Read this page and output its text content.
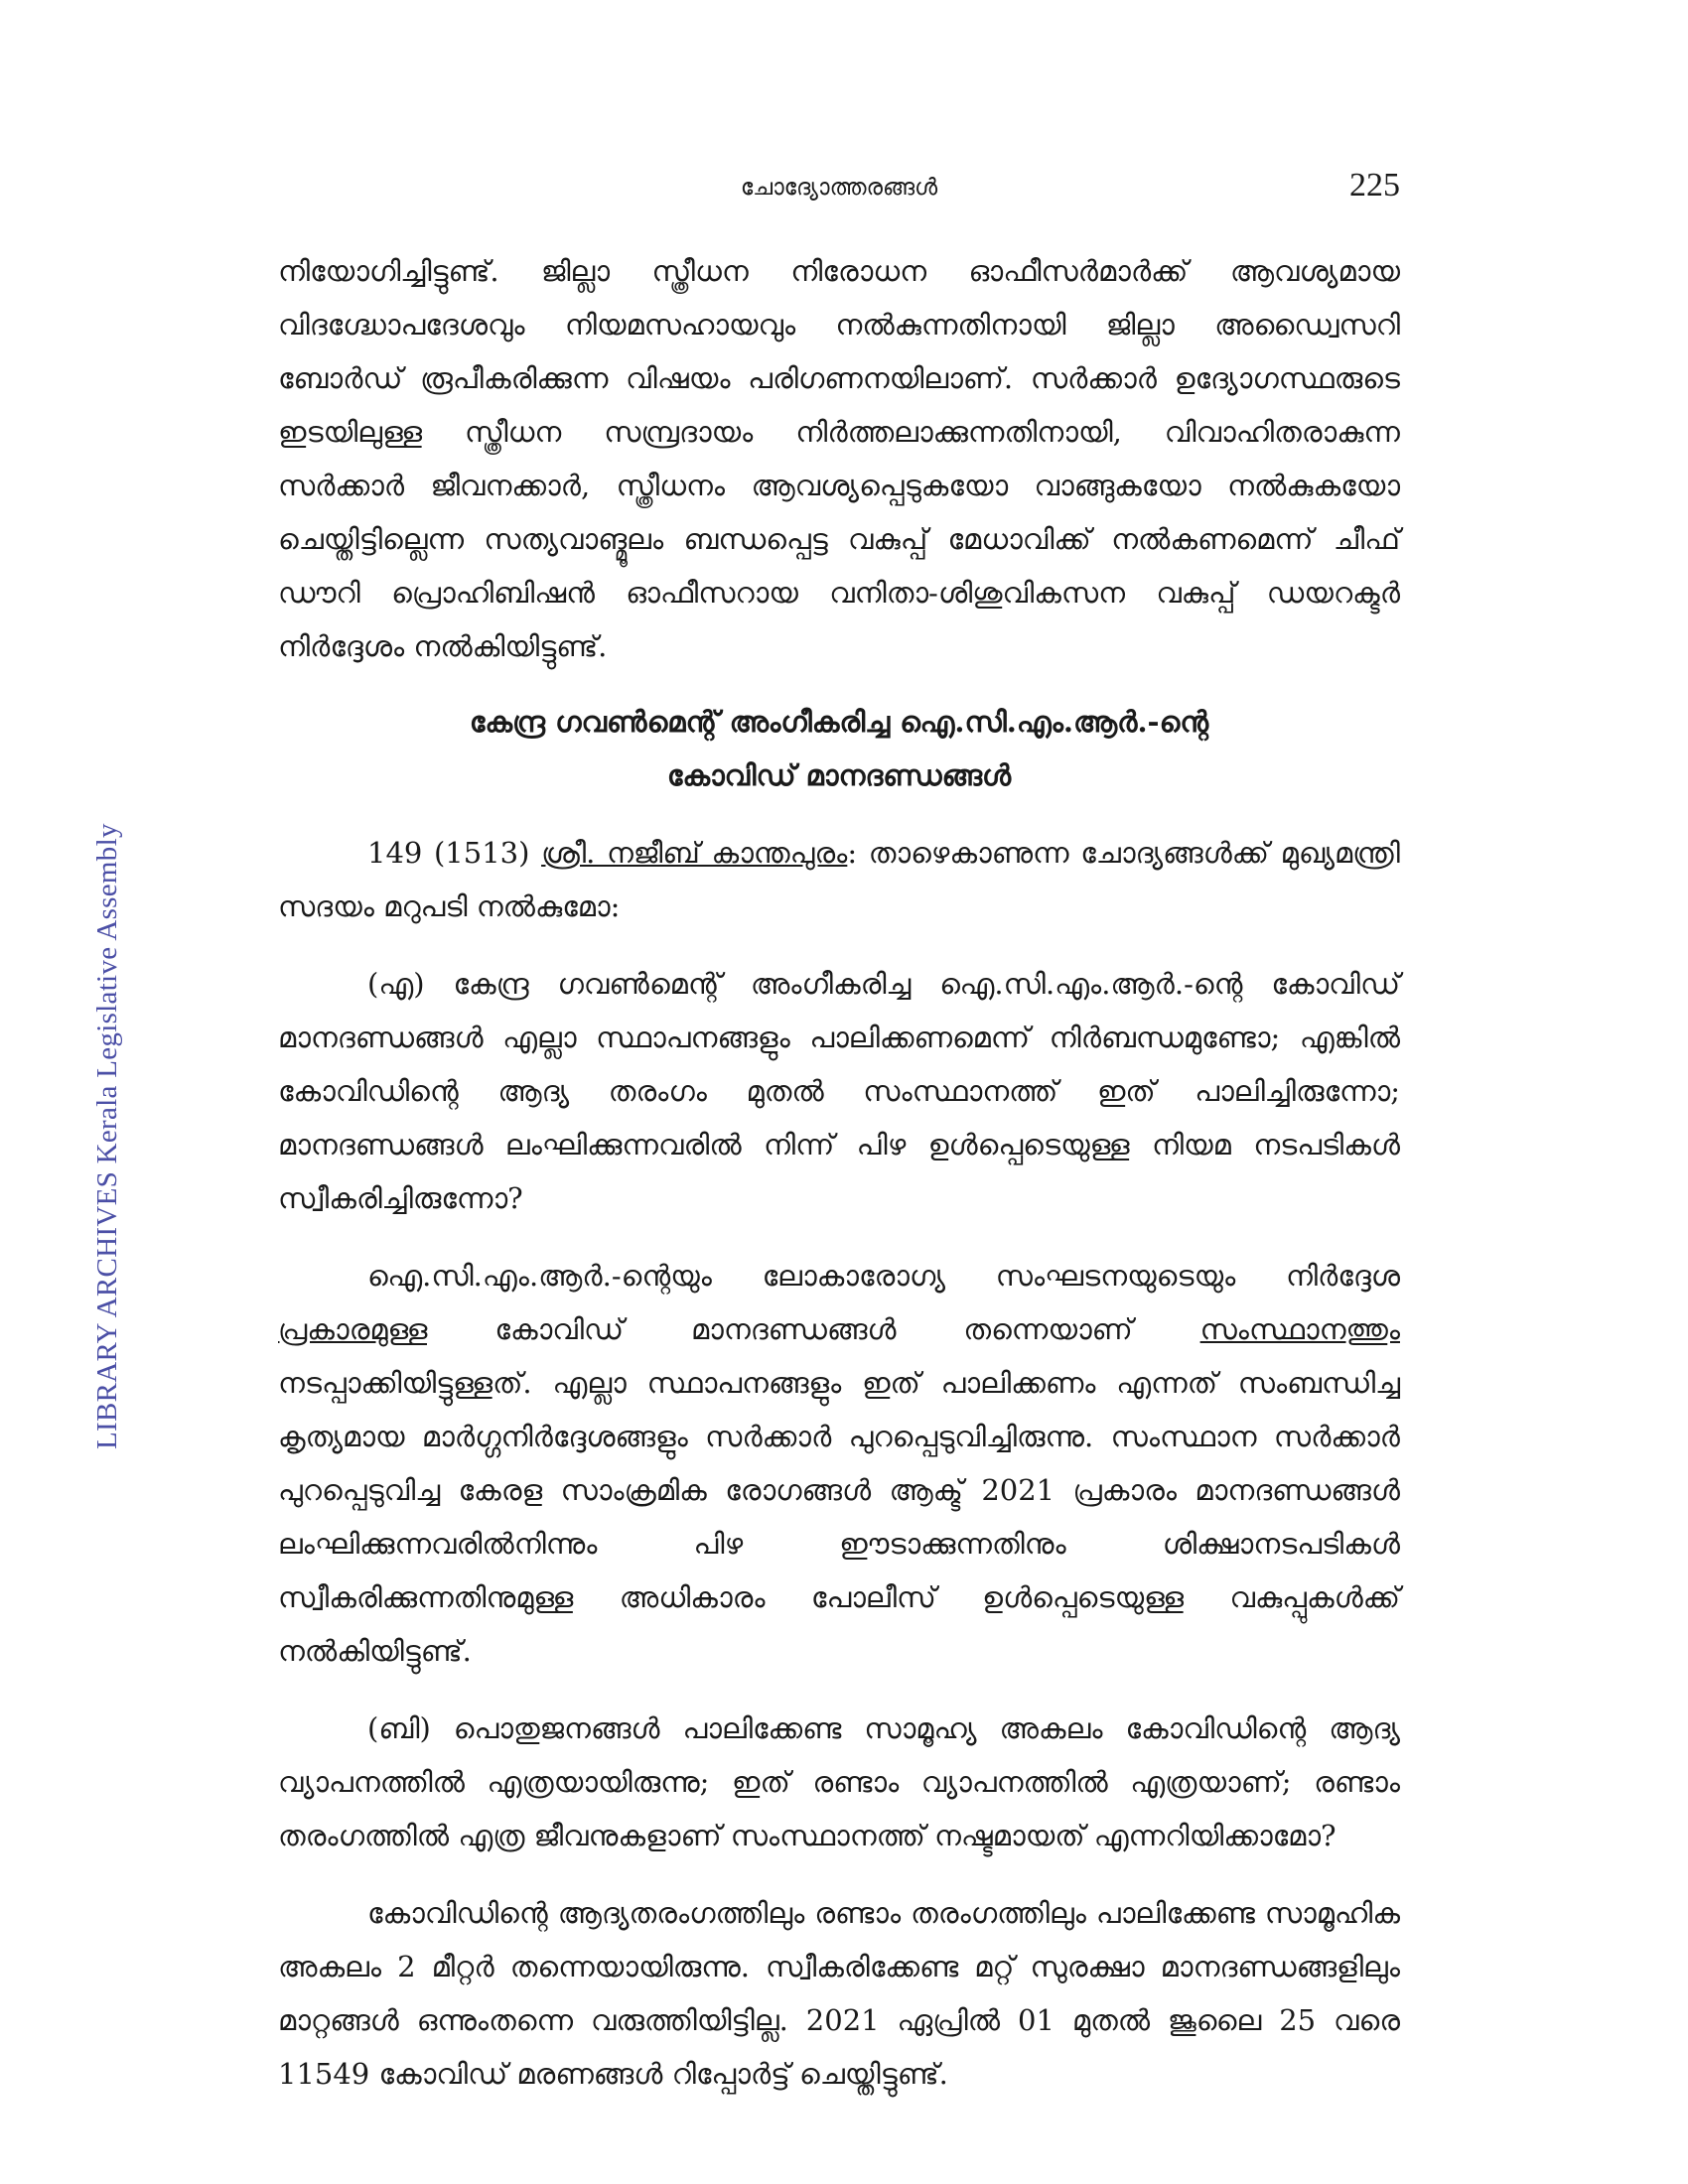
ചോദ്യോത്തരങ്ങൾ	225
LIBRARY ARCHIVES Kerala Legislative Assembly

നിയോഗിച്ചിട്ടുണ്ട്. ജില്ലാ സ്ത്രീധന നിരോധന ഓഫീസർമാർക്ക് ആവശ്യമായ വിദഗ്ദ്ധോപദേശവും നിയമസഹായവും നൽകുന്നതിനായി ജില്ലാ അഡ്വൈസറി ബോർഡ് രൂപീകരിക്കുന്ന വിഷയം പരിഗണനയിലാണ്. സർക്കാർ ഉദ്യോഗസ്ഥരുടെ ഇടയിലുള്ള സ്ത്രീധന സമ്പ്രദായം നിർത്തലാക്കുന്നതിനായി, വിവാഹിതരാകുന്ന സർക്കാർ ജീവനക്കാർ, സ്ത്രീധനം ആവശ്യപ്പെടുകയോ വാങ്ങുകയോ നൽകുകയോ ചെയ്തിട്ടില്ലെന്ന സത്യവാങ്മൂലം ബന്ധപ്പെട്ട വകുപ്പ് മേധാവിക്ക് നൽകണമെന്ന് ചീഫ് ഡൗറി പ്രൊഹിബിഷൻ ഓഫീസറായ വനിതാ-ശിശുവികസന വകുപ്പ് ഡയറക്ടർ നിർദ്ദേശം നൽകിയിട്ടുണ്ട്.

കേന്ദ്ര ഗവൺമെന്റ് അംഗീകരിച്ച ഐ.സി.എം.ആർ.-ന്റെ
കോവിഡ് മാനദണ്ഡങ്ങൾ

149 (1513) ശ്രീ. നജീബ് കാന്തപുരം: താഴെകാണുന്ന ചോദ്യങ്ങൾക്ക് മുഖ്യമന്ത്രി സദയം മറുപടി നൽകുമോ:

(എ) കേന്ദ്ര ഗവൺമെന്റ് അംഗീകരിച്ച ഐ.സി.എം.ആർ.-ന്റെ കോവിഡ് മാനദണ്ഡങ്ങൾ എല്ലാ സ്ഥാപനങ്ങളും പാലിക്കണമെന്ന് നിർബന്ധമുണ്ടോ; എങ്കിൽ കോവിഡിന്റെ ആദ്യ തരംഗം മുതൽ സംസ്ഥാനത്ത് ഇത് പാലിച്ചിരുന്നോ; മാനദണ്ഡങ്ങൾ ലംഘിക്കുന്നവരിൽ നിന്ന് പിഴ ഉൾപ്പെടെയുള്ള നിയമ നടപടികൾ സ്വീകരിച്ചിരുന്നോ?

ഐ.സി.എം.ആർ.-ന്റെയും ലോകാരോഗ്യ സംഘടനയുടെയും നിർദ്ദേശ പ്രകാരമുള്ള കോവിഡ് മാനദണ്ഡങ്ങൾ തന്നെയാണ് സംസ്ഥാനത്തും നടപ്പാക്കിയിട്ടുള്ളത്. എല്ലാ സ്ഥാപനങ്ങളും ഇത് പാലിക്കണം എന്നത് സംബന്ധിച്ച കൃത്യമായ മാർഗ്ഗനിർദ്ദേശങ്ങളും സർക്കാർ പുറപ്പെടുവിച്ചിരുന്നു. സംസ്ഥാന സർക്കാർ പുറപ്പെടുവിച്ച കേരള സാംക്രമിക രോഗങ്ങൾ ആക്ട് 2021 പ്രകാരം മാനദണ്ഡങ്ങൾ ലംഘിക്കുന്നവരിൽനിന്നും പിഴ ഈടാക്കുന്നതിനും ശിക്ഷാനടപടികൾ സ്വീകരിക്കുന്നതിനുമുള്ള അധികാരം പോലീസ് ഉൾപ്പെടെയുള്ള വകുപ്പുകൾക്ക് നൽകിയിട്ടുണ്ട്.

(ബി) പൊതുജനങ്ങൾ പാലിക്കേണ്ട സാമൂഹ്യ അകലം കോവിഡിന്റെ ആദ്യ വ്യാപനത്തിൽ എത്രയായിരുന്നു; ഇത് രണ്ടാം വ്യാപനത്തിൽ എത്രയാണ്; രണ്ടാം തരംഗത്തിൽ എത്ര ജീവനുകളാണ് സംസ്ഥാനത്ത് നഷ്ടമായത് എന്നറിയിക്കാമോ?

കോവിഡിന്റെ ആദ്യതരംഗത്തിലും രണ്ടാം തരംഗത്തിലും പാലിക്കേണ്ട സാമൂഹിക അകലം 2 മീറ്റർ തന്നെയായിരുന്നു. സ്വീകരിക്കേണ്ട മറ്റ് സുരക്ഷാ മാനദണ്ഡങ്ങളിലും മാറ്റങ്ങൾ ഒന്നുംതന്നെ വരുത്തിയിട്ടില്ല. 2021 ഏപ്രിൽ 01 മുതൽ ജൂലൈ 25 വരെ 11549 കോവിഡ് മരണങ്ങൾ റിപ്പോർട്ട് ചെയ്തിട്ടുണ്ട്.
